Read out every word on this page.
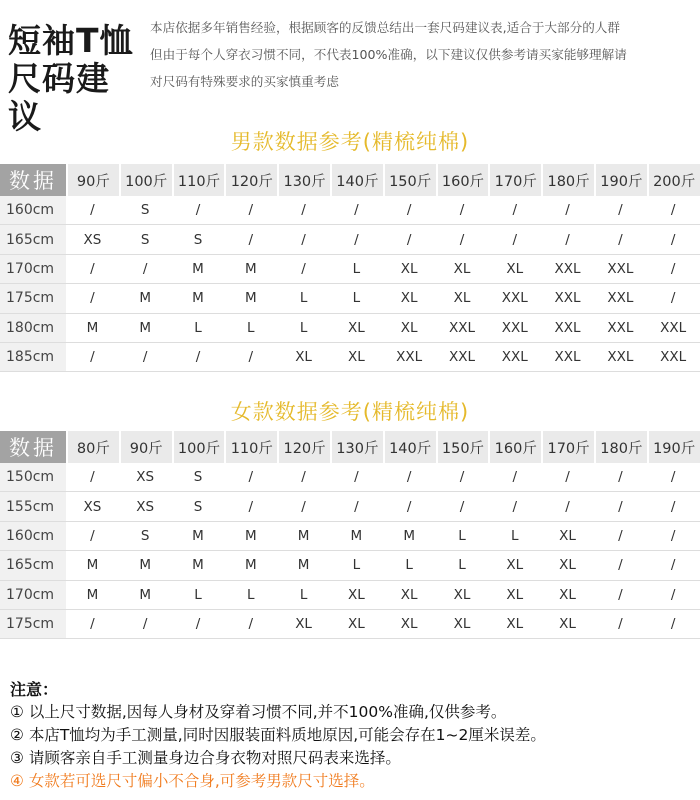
短袖T恤
尺码建议
本店依据多年销售经验，根据顾客的反馈总结出一套尺码建议表,适合于大部分的人群
但由于每个人穿衣习惯不同，不代表100%准确，以下建议仅供参考请买家能够理解请
对尺码有特殊要求的买家慎重考虑
男款数据参考(精梳纯棉)
数据	90斤	100斤 110斤 120斤 130斤 140斤 150斤 160斤 170斤 180斤 190斤 200斤
160cm	/	S	/	/	/	/	/	/	/	/	/	/
165cm	XS	S	S	/	/	/	/	/	/	/	/	/
170cm	/	/	M	M	/	L	XL	XL	XL	XXL	XXL	/
175cm	/	M	M	M	L	L	XL	XL	XXL	XXL	XXL	/
180cm	M	M	L	L	L	XL	XL	XXL	XXL	XXL	XXL	XXL
185cm	/	/	/	/	XL	XL	XXL	XXL	XXL	XXL	XXL	XXL
女款数据参考(精梳纯棉)
数据	80斤	90斤	100斤 110斤 120斤 130斤 140斤 150斤 160斤 170斤 180斤 190斤
150cm	/	XS	S	/	/	/	/	/	/	/	/	/
155cm	XS	XS	S	/	/	/	/	/	/	/	/	/
160cm	/	S	M	M	M	M	M	L	L	XL	/	/
165cm	M	M	M	M	M	L	L	L	XL	XL	/	/
170cm	M	M	L	L	L	XL	XL	XL	XL	XL	/	/
175cm	/	/	/	/	XL	XL	XL	XL	XL	XL	/	/
注意：
① 以上尺寸数据,因每人身材及穿着习惯不同,并不100%准确,仅供参考。
② 本店T恤均为手工测量,同时因服装面料质地原因,可能会存在1~2厘米误差。
③ 请顾客亲自手工测量身边合身衣物对照尺码表来选择。
④ 女款若可选尺寸偏小不合身,可参考男款尺寸选择。
